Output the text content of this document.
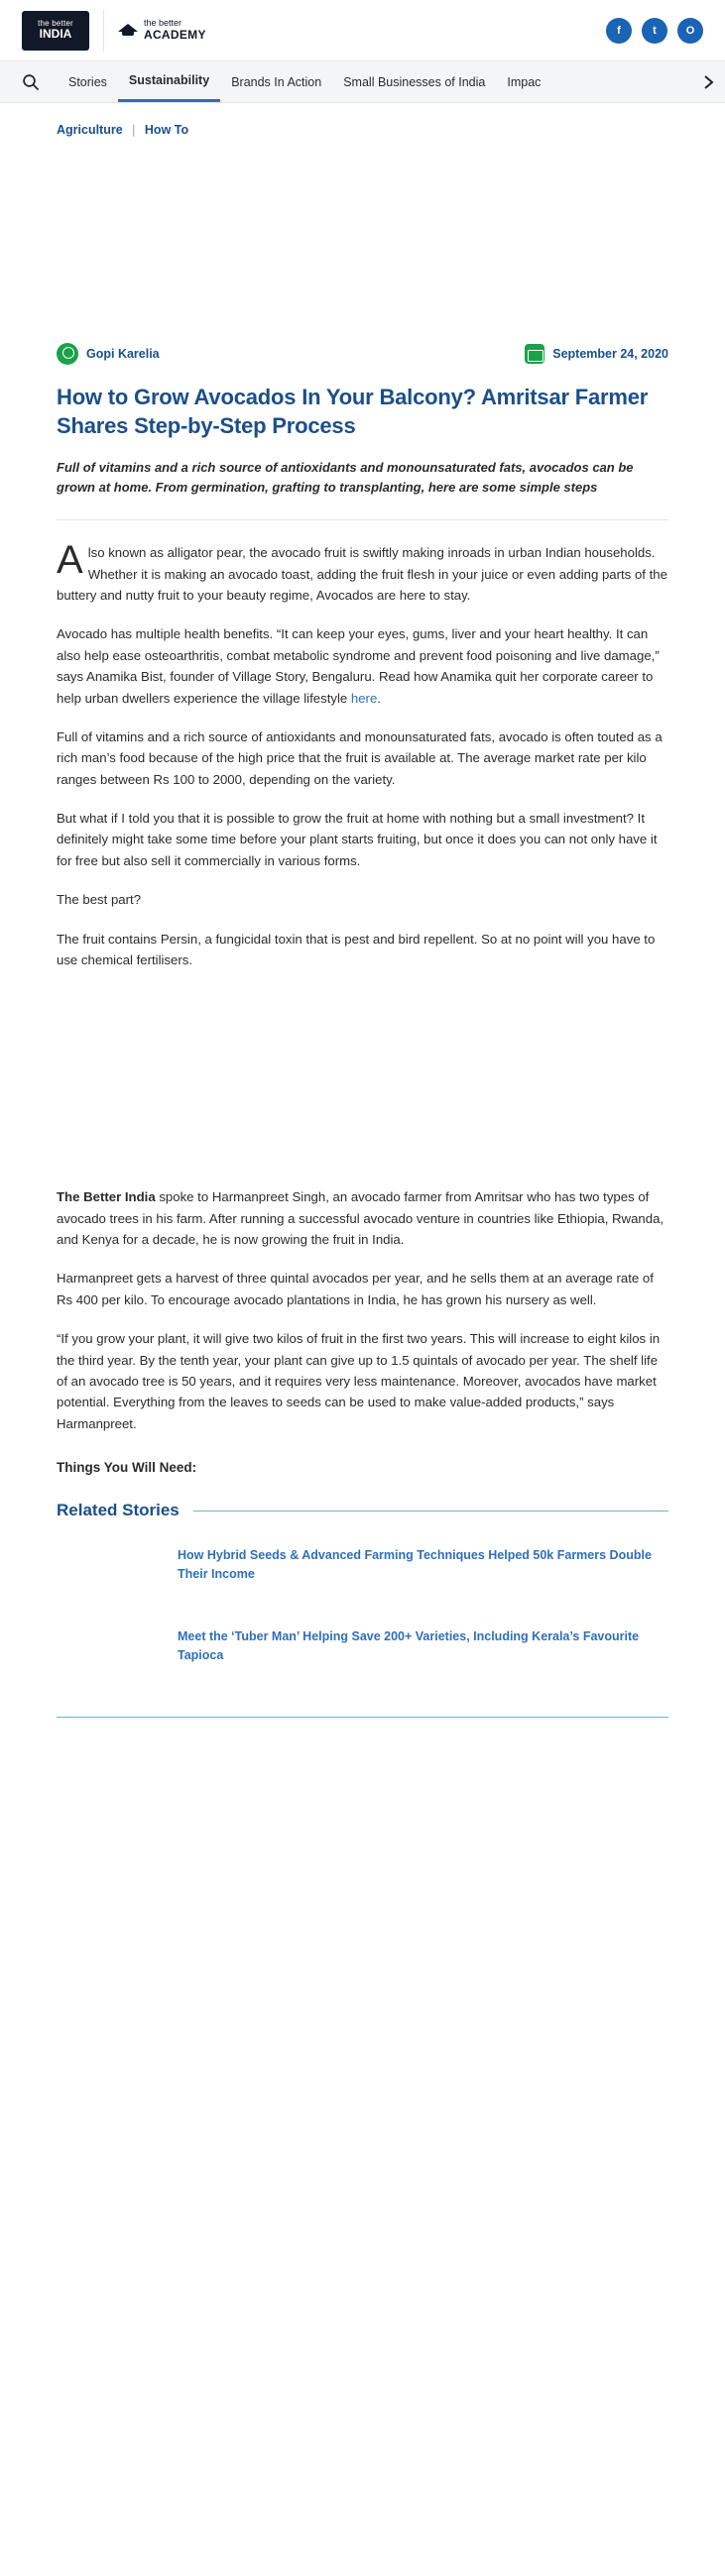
the better
INDIA
the better
ACADEMY	f	t	O
Stories	Sustainability	Brands In Action	Small Businesses of India	Impac
Agriculture | How To
Gopi Karelia	September 24, 2020
How to Grow Avocados In Your Balcony? Amritsar Farmer Shares Step-by-Step Process

Full of vitamins and a rich source of antioxidants and monounsaturated fats, avocados can be grown at home. From germination, grafting to transplanting, here are some simple steps

Also known as alligator pear, the avocado fruit is swiftly making inroads in urban Indian households. Whether it is making an avocado toast, adding the fruit flesh in your juice or even adding parts of the buttery and nutty fruit to your beauty regime, Avocados are here to stay.

Avocado has multiple health benefits. “It can keep your eyes, gums, liver and your heart healthy. It can also help ease osteoarthritis, combat metabolic syndrome and prevent food poisoning and live damage,” says Anamika Bist, founder of Village Story, Bengaluru. Read how Anamika quit her corporate career to help urban dwellers experience the village lifestyle here.

Full of vitamins and a rich source of antioxidants and monounsaturated fats, avocado is often touted as a rich man’s food because of the high price that the fruit is available at. The average market rate per kilo ranges between Rs 100 to 2000, depending on the variety.

But what if I told you that it is possible to grow the fruit at home with nothing but a small investment? It definitely might take some time before your plant starts fruiting, but once it does you can not only have it for free but also sell it commercially in various forms.

The best part?

The fruit contains Persin, a fungicidal toxin that is pest and bird repellent. So at no point will you have to use chemical fertilisers.

The Better India spoke to Harmanpreet Singh, an avocado farmer from Amritsar who has two types of avocado trees in his farm. After running a successful avocado venture in countries like Ethiopia, Rwanda, and Kenya for a decade, he is now growing the fruit in India.

Harmanpreet gets a harvest of three quintal avocados per year, and he sells them at an average rate of Rs 400 per kilo. To encourage avocado plantations in India, he has grown his nursery as well.

“If you grow your plant, it will give two kilos of fruit in the first two years. This will increase to eight kilos in the third year. By the tenth year, your plant can give up to 1.5 quintals of avocado per year. The shelf life of an avocado tree is 50 years, and it requires very less maintenance. Moreover, avocados have market potential. Everything from the leaves to seeds can be used to make value-added products,” says Harmanpreet.

Things You Will Need:
Related Stories
How Hybrid Seeds & Advanced Farming Techniques Helped 50k Farmers Double Their Income
Meet the ‘Tuber Man’ Helping Save 200+ Varieties, Including Kerala’s Favourite Tapioca
